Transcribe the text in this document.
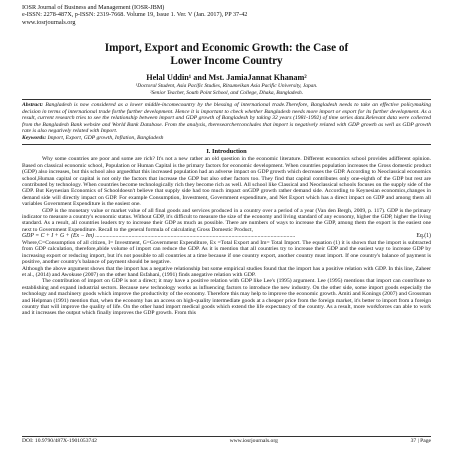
IOSR Journal of Business and Management (IOSR-JBM)
e-ISSN: 2278-487X, p-ISSN: 2319-7668. Volume 19, Issue 1. Ver. V (Jan. 2017), PP 37-42
www.iosrjournals.org
Import, Export and Economic Growth: the Case of Lower Income Country
Helal Uddin¹ and Mst. JamiaJannat Khanam²
¹Doctoral Student, Asia Pacific Studies, Ritsumeikan Asia Pacific University, Japan.
²Senior Teacher, South Point School, and College, Dhaka, Bangladesh.
Abstract: Bangladesh is now considered as a lower middle-incomecountry by the blessing of international trade.Therefore, Bangladesh needs to take an effective policymaking decision in terms of international trade forthe further development. Hence it is important to check whether Bangladesh needs more import or export for its further development. As a result, current research tries to see the relationship between import and GDP growth of Bangladesh by taking 32 years (1981-1992) of time series data.Relevant data were collected from the Bangladesh Bank website and World Bank Database. From the analysis, theresearcherconcludes that import is negatively related with GDP growth as well as GDP growth rate is also negatively related with Import.
Keywords: Import, Export, GDP growth, Inflation, Bangladesh
I. Introduction

Why some countries are poor and some are rich? It's not a new rather an old question in the economic literature. Different economics school provides adifferent opinion. Based on classical economic school, Population or Human Capital is the primary factors for economic development. When countries population increases the Gross domestic product (GDP) also increases, but this school also arguedthat this increased population had an adverse impact on GDP growth which decreases the GDP. According to Neoclassical economics school,Human capital or capital is not only the factors that increase the GDP but also other factors too. They find that capital contributes only one-eighth of the GDP but rest are contributed by technology. When countries become technologically rich they become rich as well. All school like Classical and Neoclassical schools focuses on the supply side of the GDP. But Keynesian Economics of Schooldoesn't believe that supply side had too much impact onGDP growth rather demand side. According to Keynesian economics,changes in demand side will directly impact on GDP. For example Consumption, Investment, Government expenditure, and Net Export which has a direct impact on GDP and among them all variables Government Expenditure is the easiest one.

GDP is the monetary value or market value of all final goods and services produced in a country over a period of a year (Van den Bergh, 2009, p. 117). GDP is the primary indicator to measure a country's economic status. Without GDP, it's difficult to measure the size of the economy and living standard of any economy, higher the GDP, higher the living standard. As a result, all countries leaders try to increase their GDP as much as possible. There are numbers of ways to increase the GDP, among them the export is the easiest one next to Government Expenditure. Recall to the general formula of calculating Gross Domestic Product,

GDP = C + I + G + (Ex − Im) ..........................................................................................................................................	Eq.(1)

Where,C=Consumption of all citizen, I= Investment, G=Government Expenditure, Ex =Total Export and Im= Total Import. The equation (1) it is shown that the import is subtracted from GDP calculation, therefore,abide volume of import can reduce the GDP. As it is mention that all countries try to increase their GDP and the easiest way to increase GDP by increasing export or reducing import, but it's not possible to all countries at a time because if one country export, another country must import. If one country's balance of payment is positive, another country's balance of payment should be negative.

Although the above argument shows that the import has a negative relationship but some empirical studies found that the import has a positive relation with GDP. In this line, Zaheer et al., (2014) and Awokuse (2007) on the other hand Esfahani, (1991) finds anegative relation with GDP.

The contribution of import on GDP is not a direct; it may have a positive relation with GDP like Lee's (1995) argument. Lee (1995) mentions that import can contribute to establishing and expand industrial sectors. Because new technology works as influencing factors to introduce the new industry. On the other side, some import goods especially the technology and machinery goods which improve the productivity of the economy. Therefore this may help to improve the economic growth. Amiti and Konings (2007) and Grossman and Helpman (1991) mention that, when the economy has an access on high-quality intermediate goods at a cheaper price from the foreign market, it's better to import from a foreign country that will improve the quality of life. On the other hand import medical goods which extend the life expectancy of the country. As a result, more workforces can able to work and it increases the output which finally improves the GDP growth. From this

DOI: 10.9790/487X-1901053742	www.iosrjournals.org	37 | Page
